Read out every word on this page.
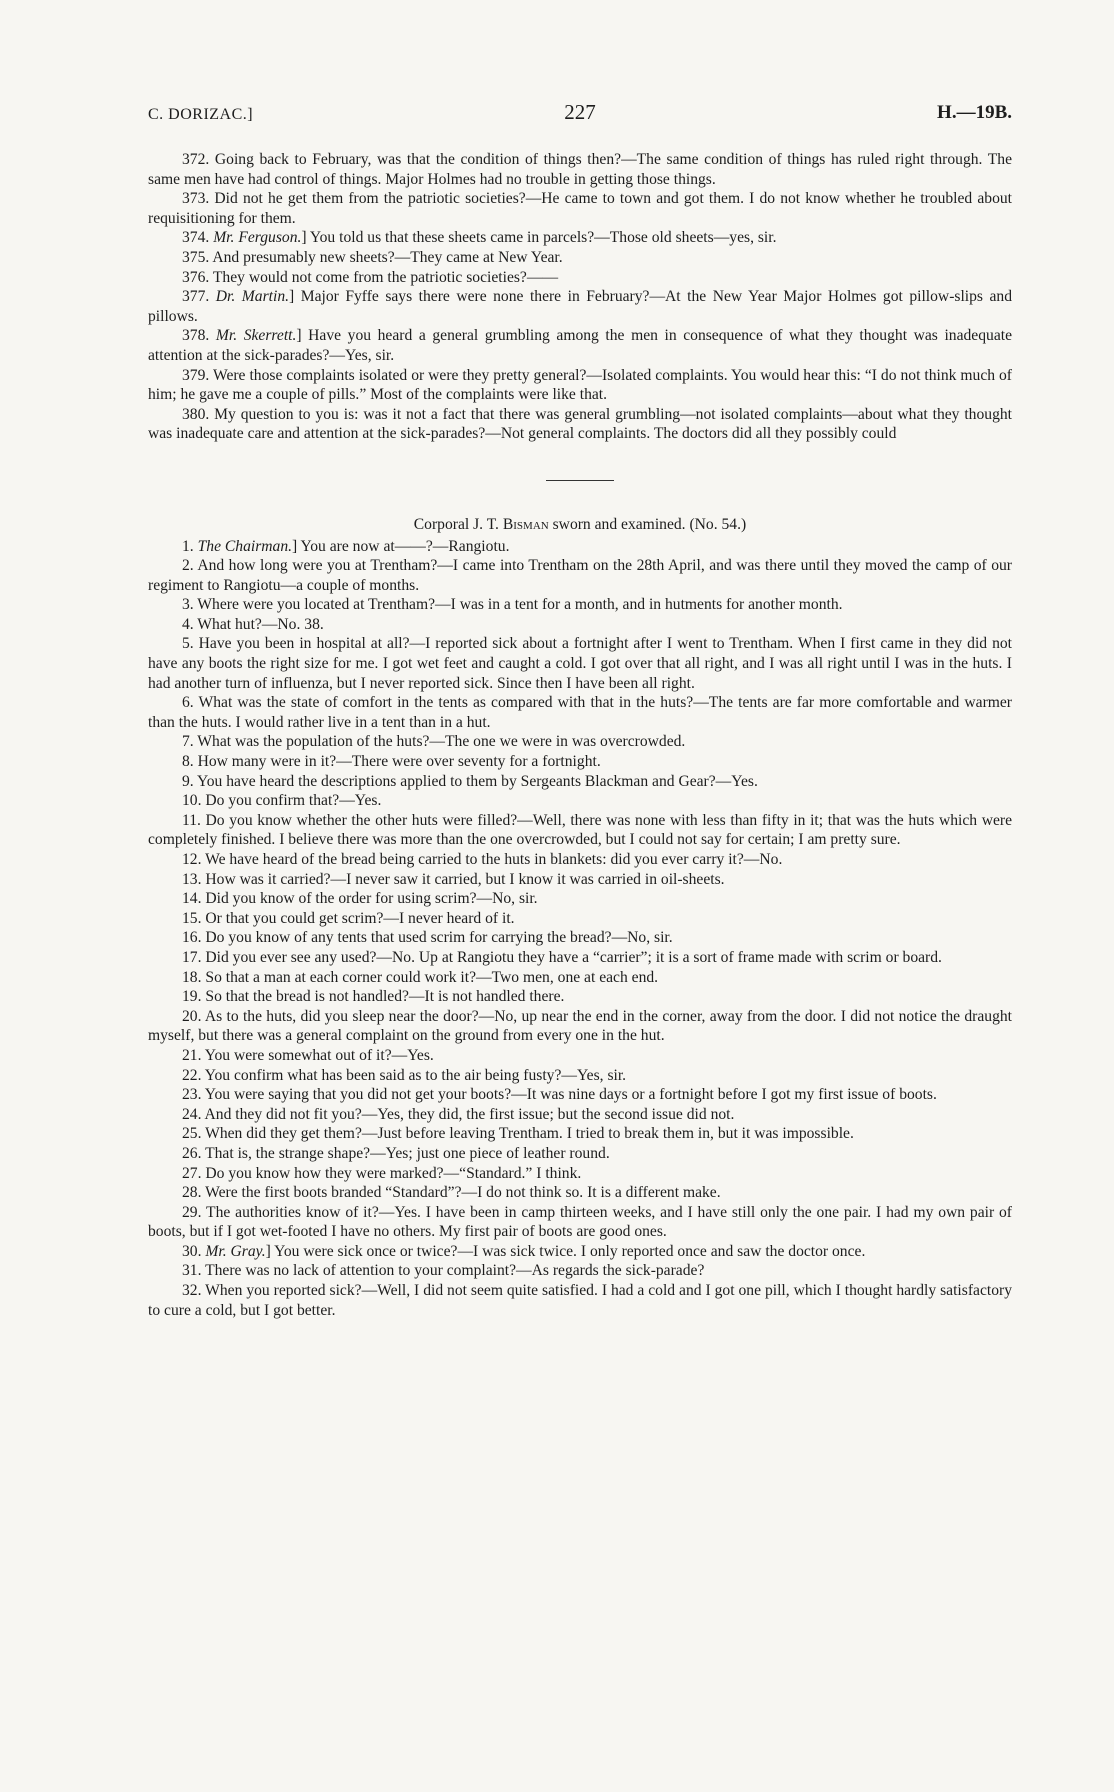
C. DORIZAC.]	227	H.—19B.

372. Going back to February, was that the condition of things then?—The same condition of things has ruled right through. The same men have had control of things. Major Holmes had no trouble in getting those things.

373. Did not he get them from the patriotic societies?—He came to town and got them. I do not know whether he troubled about requisitioning for them.

374. Mr. Ferguson.] You told us that these sheets came in parcels?—Those old sheets—yes, sir.

375. And presumably new sheets?—They came at New Year.

376. They would not come from the patriotic societies?——

377. Dr. Martin.] Major Fyffe says there were none there in February?—At the New Year Major Holmes got pillow-slips and pillows.

378. Mr. Skerrett.] Have you heard a general grumbling among the men in consequence of what they thought was inadequate attention at the sick-parades?—Yes, sir.

379. Were those complaints isolated or were they pretty general?—Isolated complaints. You would hear this: “I do not think much of him; he gave me a couple of pills.” Most of the complaints were like that.

380. My question to you is: was it not a fact that there was general grumbling—not isolated complaints—about what they thought was inadequate care and attention at the sick-parades?—Not general complaints. The doctors did all they possibly could

Corporal J. T. Bisman sworn and examined. (No. 54.)

1. The Chairman.] You are now at——?—Rangiotu.

2. And how long were you at Trentham?—I came into Trentham on the 28th April, and was there until they moved the camp of our regiment to Rangiotu—a couple of months.

3. Where were you located at Trentham?—I was in a tent for a month, and in hutments for another month.

4. What hut?—No. 38.

5. Have you been in hospital at all?—I reported sick about a fortnight after I went to Trentham. When I first came in they did not have any boots the right size for me. I got wet feet and caught a cold. I got over that all right, and I was all right until I was in the huts. I had another turn of influenza, but I never reported sick. Since then I have been all right.

6. What was the state of comfort in the tents as compared with that in the huts?—The tents are far more comfortable and warmer than the huts. I would rather live in a tent than in a hut.

7. What was the population of the huts?—The one we were in was overcrowded.

8. How many were in it?—There were over seventy for a fortnight.

9. You have heard the descriptions applied to them by Sergeants Blackman and Gear?—Yes.

10. Do you confirm that?—Yes.

11. Do you know whether the other huts were filled?—Well, there was none with less than fifty in it; that was the huts which were completely finished. I believe there was more than the one overcrowded, but I could not say for certain; I am pretty sure.

12. We have heard of the bread being carried to the huts in blankets: did you ever carry it?—No.

13. How was it carried?—I never saw it carried, but I know it was carried in oil-sheets.

14. Did you know of the order for using scrim?—No, sir.

15. Or that you could get scrim?—I never heard of it.

16. Do you know of any tents that used scrim for carrying the bread?—No, sir.

17. Did you ever see any used?—No. Up at Rangiotu they have a “carrier”; it is a sort of frame made with scrim or board.

18. So that a man at each corner could work it?—Two men, one at each end.

19. So that the bread is not handled?—It is not handled there.

20. As to the huts, did you sleep near the door?—No, up near the end in the corner, away from the door. I did not notice the draught myself, but there was a general complaint on the ground from every one in the hut.

21. You were somewhat out of it?—Yes.

22. You confirm what has been said as to the air being fusty?—Yes, sir.

23. You were saying that you did not get your boots?—It was nine days or a fortnight before I got my first issue of boots.

24. And they did not fit you?—Yes, they did, the first issue; but the second issue did not.

25. When did they get them?—Just before leaving Trentham. I tried to break them in, but it was impossible.

26. That is, the strange shape?—Yes; just one piece of leather round.

27. Do you know how they were marked?—“Standard.” I think.

28. Were the first boots branded “Standard”?—I do not think so. It is a different make.

29. The authorities know of it?—Yes. I have been in camp thirteen weeks, and I have still only the one pair. I had my own pair of boots, but if I got wet-footed I have no others. My first pair of boots are good ones.

30. Mr. Gray.] You were sick once or twice?—I was sick twice. I only reported once and saw the doctor once.

31. There was no lack of attention to your complaint?—As regards the sick-parade?

32. When you reported sick?—Well, I did not seem quite satisfied. I had a cold and I got one pill, which I thought hardly satisfactory to cure a cold, but I got better.
